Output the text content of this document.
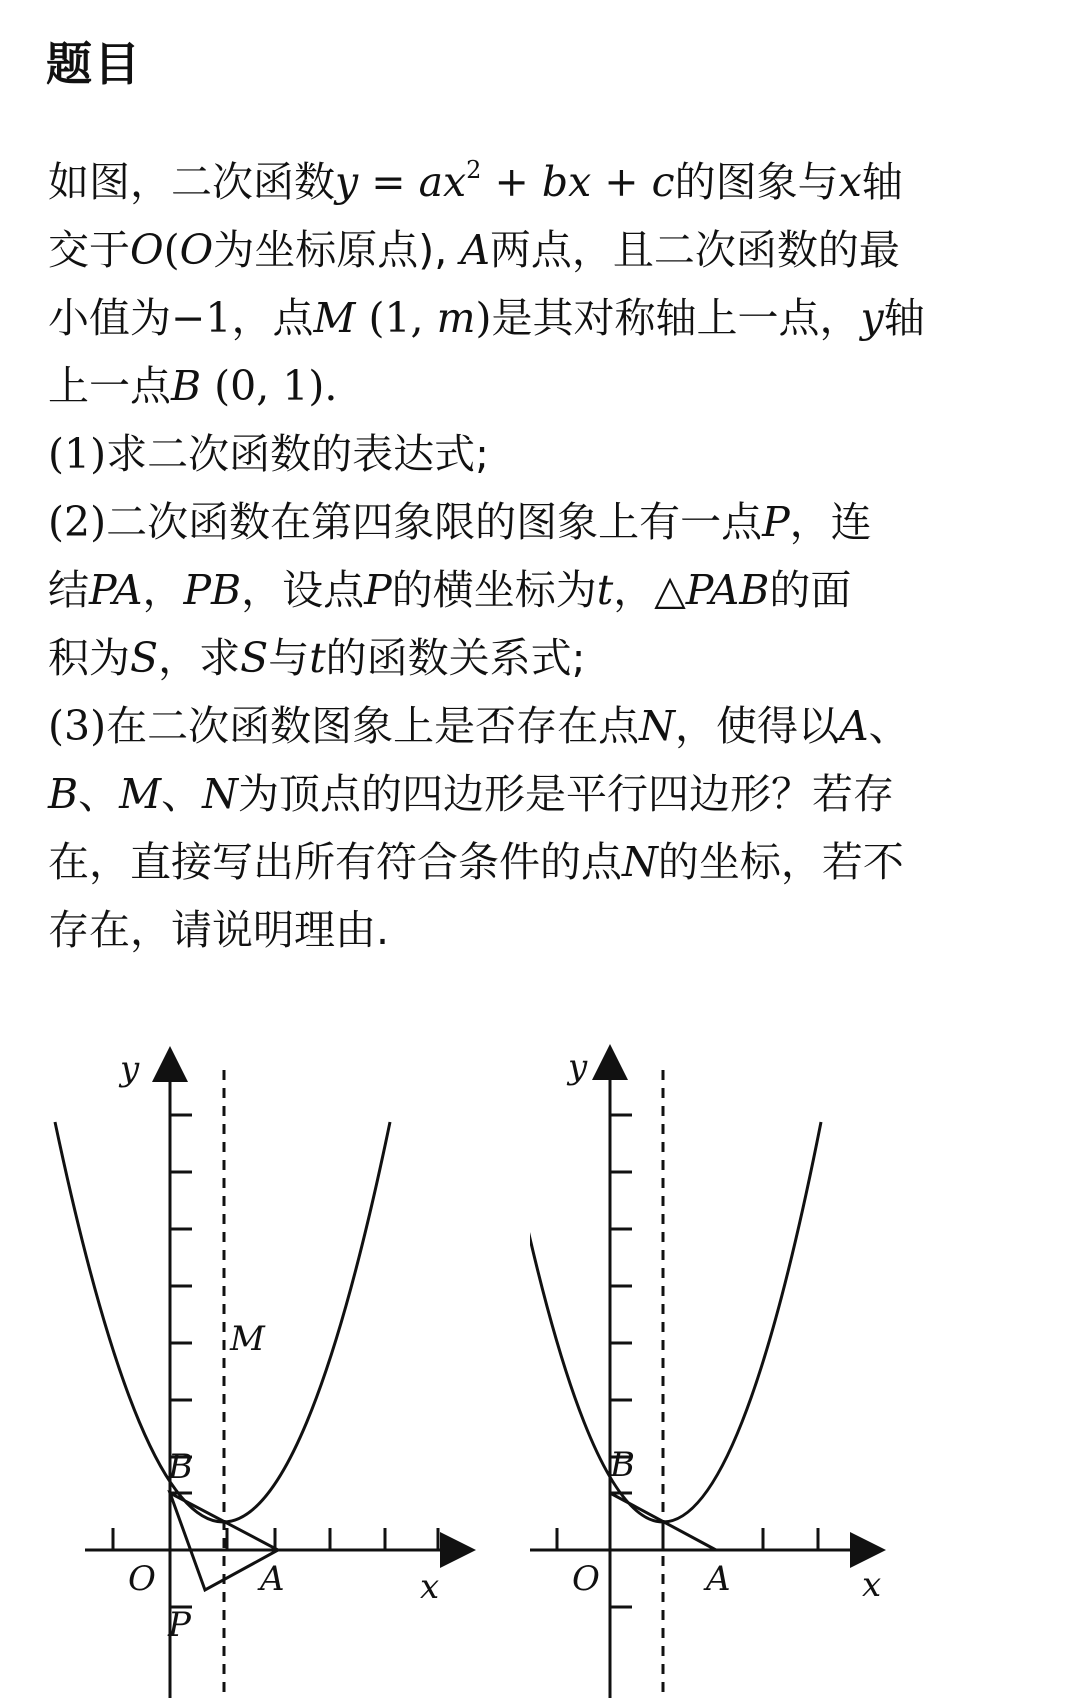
题目
如图，二次函数$y = ax^2$ + bx + c的图象与x轴
交于O(O为坐标原点), A两点，且二次函数的最
小值为−1，点M (1, m)是其对称轴上一点，y轴
上一点B (0, 1).
(1)求二次函数的表达式;
(2)二次函数在第四象限的图象上有一点P，连
结PA，PB，设点P的横坐标为t，△PAB的面
积为S，求S与t的函数关系式;
(3)在二次函数图象上是否存在点N，使得以A、
B、M、N为顶点的四边形是平行四边形？若存
在，直接写出所有符合条件的点N的坐标，若不
存在，请说明理由.
y
x
M
B
O	A
P
y
x
B
O	A
